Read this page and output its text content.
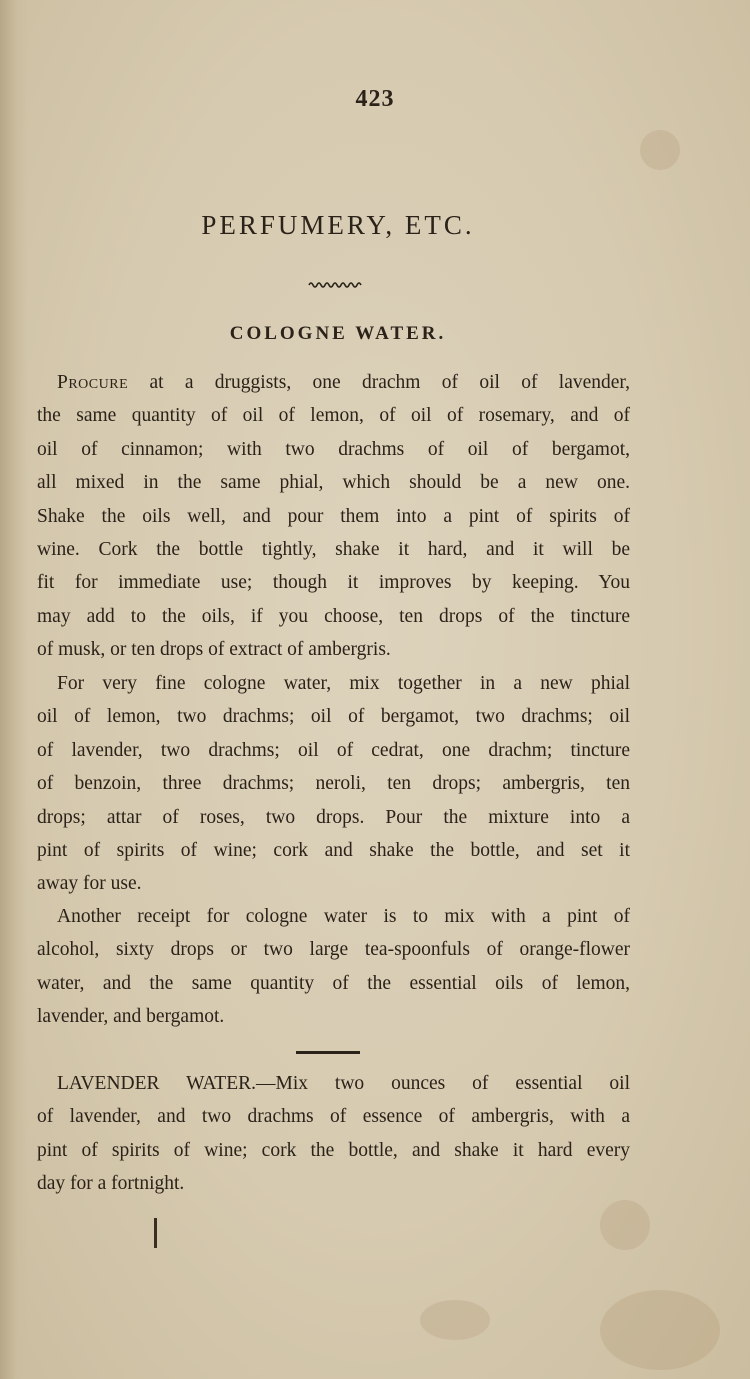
423
PERFUMERY, ETC.
COLOGNE WATER.
Procure at a druggists, one drachm of oil of lavender,
the same quantity of oil of lemon, of oil of rosemary, and of
oil of cinnamon; with two drachms of oil of bergamot,
all mixed in the same phial, which should be a new one.
Shake the oils well, and pour them into a pint of spirits of
wine. Cork the bottle tightly, shake it hard, and it will be
fit for immediate use; though it improves by keeping. You
may add to the oils, if you choose, ten drops of the tincture
of musk, or ten drops of extract of ambergris.
For very fine cologne water, mix together in a new phial
oil of lemon, two drachms; oil of bergamot, two drachms; oil
of lavender, two drachms; oil of cedrat, one drachm; tincture
of benzoin, three drachms; neroli, ten drops; ambergris, ten
drops; attar of roses, two drops. Pour the mixture into a
pint of spirits of wine; cork and shake the bottle, and set it
away for use.
Another receipt for cologne water is to mix with a pint of
alcohol, sixty drops or two large tea-spoonfuls of orange-flower
water, and the same quantity of the essential oils of lemon,
lavender, and bergamot.
LAVENDER WATER.—Mix two ounces of essential oil
of lavender, and two drachms of essence of ambergris, with a
pint of spirits of wine; cork the bottle, and shake it hard every
day for a fortnight.
